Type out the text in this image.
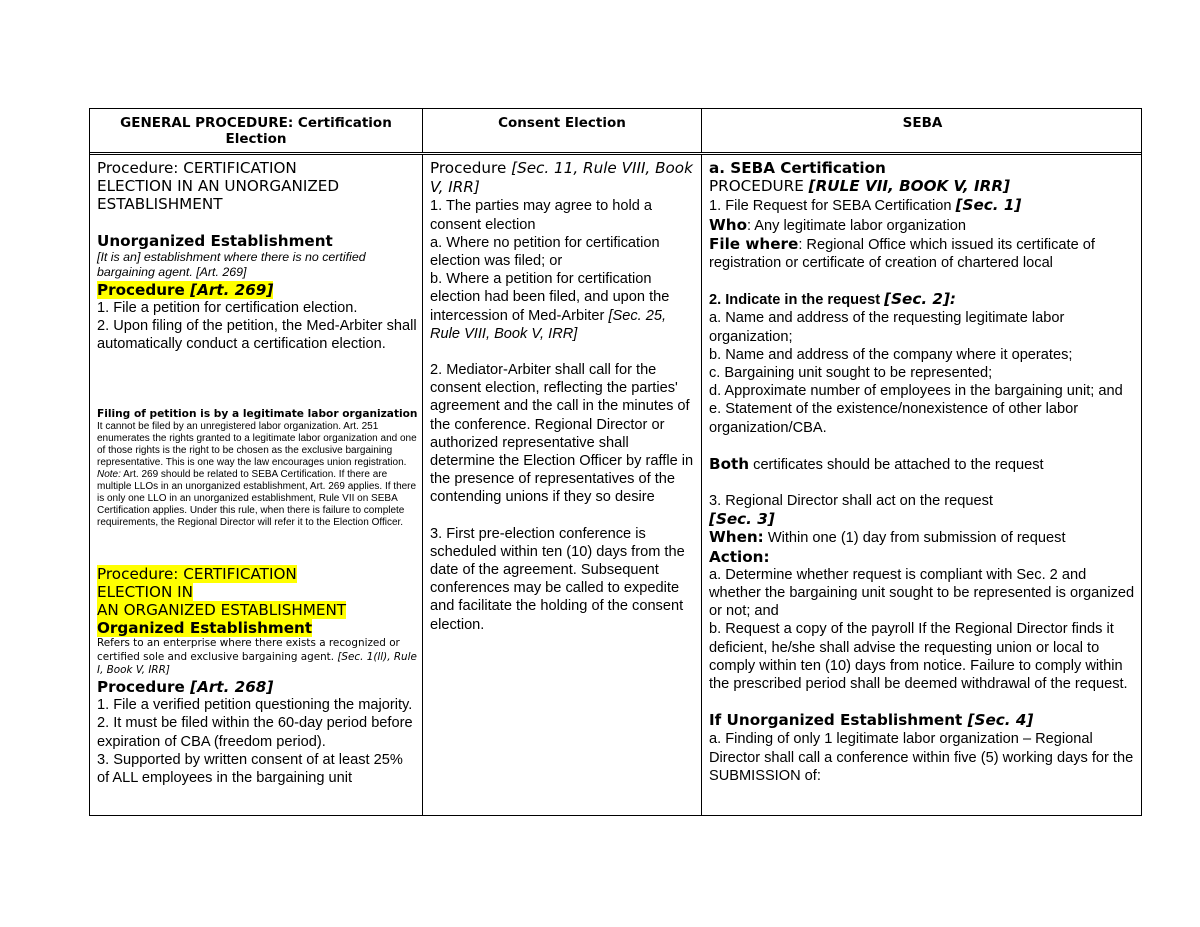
GENERAL PROCEDURE: Certification Election
Consent Election	SEBA

Procedure: CERTIFICATION
ELECTION IN AN UNORGANIZED
ESTABLISHMENT

Unorganized Establishment

[It is an] establishment where there is no certified bargaining agent. [Art. 269]

Procedure [Art. 269]

1. File a petition for certification election.

2. Upon filing of the petition, the Med-Arbiter shall automatically conduct a certification election.

Filing of petition is by a legitimate labor organization

It cannot be filed by an unregistered labor organization. Art. 251 enumerates the rights granted to a legitimate labor organization and one of those rights is the right to be chosen as the exclusive bargaining representative. This is one way the law encourages union registration. Note: Art. 269 should be related to SEBA Certification. If there are multiple LLOs in an unorganized establishment, Art. 269 applies. If there is only one LLO in an unorganized establishment, Rule VII on SEBA Certification applies. Under this rule, when there is failure to complete requirements, the Regional Director will refer it to the Election Officer.

Procedure: CERTIFICATION
ELECTION IN
AN ORGANIZED ESTABLISHMENT
Organized Establishment

Refers to an enterprise where there exists a recognized or certified sole and exclusive bargaining agent. [Sec. 1(ll), Rule I, Book V, IRR]

Procedure [Art. 268]

1. File a verified petition questioning the majority.

2. It must be filed within the 60-day period before expiration of CBA (freedom period).

3. Supported by written consent of at least 25% of ALL employees in the bargaining unit

Procedure [Sec. 11, Rule VIII, Book V, IRR]

1. The parties may agree to hold a consent election

a. Where no petition for certification election was filed; or

b. Where a petition for certification election had been filed, and upon the intercession of Med-Arbiter [Sec. 25, Rule VIII, Book V, IRR]

2. Mediator-Arbiter shall call for the consent election, reflecting the parties' agreement and the call in the minutes of the conference. Regional Director or authorized representative shall determine the Election Officer by raffle in the presence of representatives of the contending unions if they so desire

3. First pre-election conference is scheduled within ten (10) days from the date of the agreement. Subsequent conferences may be called to expedite and facilitate the holding of the consent election.

a. SEBA Certification

PROCEDURE [RULE VII, BOOK V, IRR]

1. File Request for SEBA Certification [Sec. 1]

Who: Any legitimate labor organization

File where: Regional Office which issued its certificate of registration or certificate of creation of chartered local

2. Indicate in the request [Sec. 2]:

a. Name and address of the requesting legitimate labor organization;

b. Name and address of the company where it operates;

c. Bargaining unit sought to be represented;

d. Approximate number of employees in the bargaining unit; and

e. Statement of the existence/nonexistence of other labor organization/CBA.

Both certificates should be attached to the request

3. Regional Director shall act on the request

[Sec. 3]

When: Within one (1) day from submission of request

Action:

a. Determine whether request is compliant with Sec. 2 and whether the bargaining unit sought to be represented is organized or not; and

b. Request a copy of the payroll If the Regional Director finds it deficient, he/she shall advise the requesting union or local to comply within ten (10) days from notice. Failure to comply within the prescribed period shall be deemed withdrawal of the request.

If Unorganized Establishment [Sec. 4]

a. Finding of only 1 legitimate labor organization – Regional Director shall call a conference within five (5) working days for the SUBMISSION of:
